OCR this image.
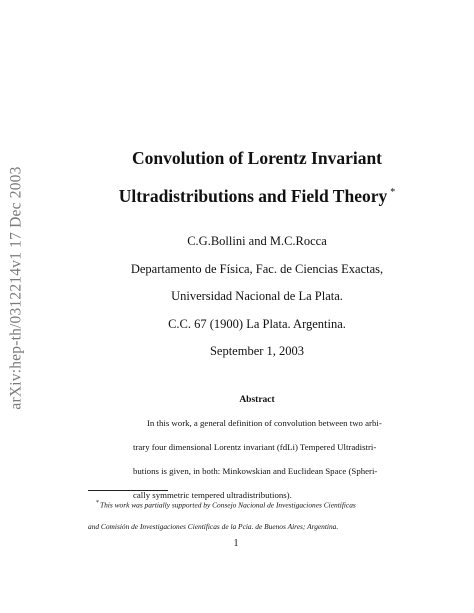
arXiv:hep-th/0312214v1 17 Dec 2003
Convolution of Lorentz Invariant
Ultradistributions and Field Theory *
C.G.Bollini and M.C.Rocca
Departamento de Física, Fac. de Ciencias Exactas,
Universidad Nacional de La Plata.
C.C. 67 (1900) La Plata. Argentina.
September 1, 2003
Abstract
In this work, a general definition of convolution between two arbi-
trary four dimensional Lorentz invariant (fdLi) Tempered Ultradistri-
butions is given, in both: Minkowskian and Euclidean Space (Spheri-
cally symmetric tempered ultradistributions).
*This work was partially supported by Consejo Nacional de Investigaciones Científicas
and Comisión de Investigaciones Científicas de la Pcia. de Buenos Aires; Argentina.
1
